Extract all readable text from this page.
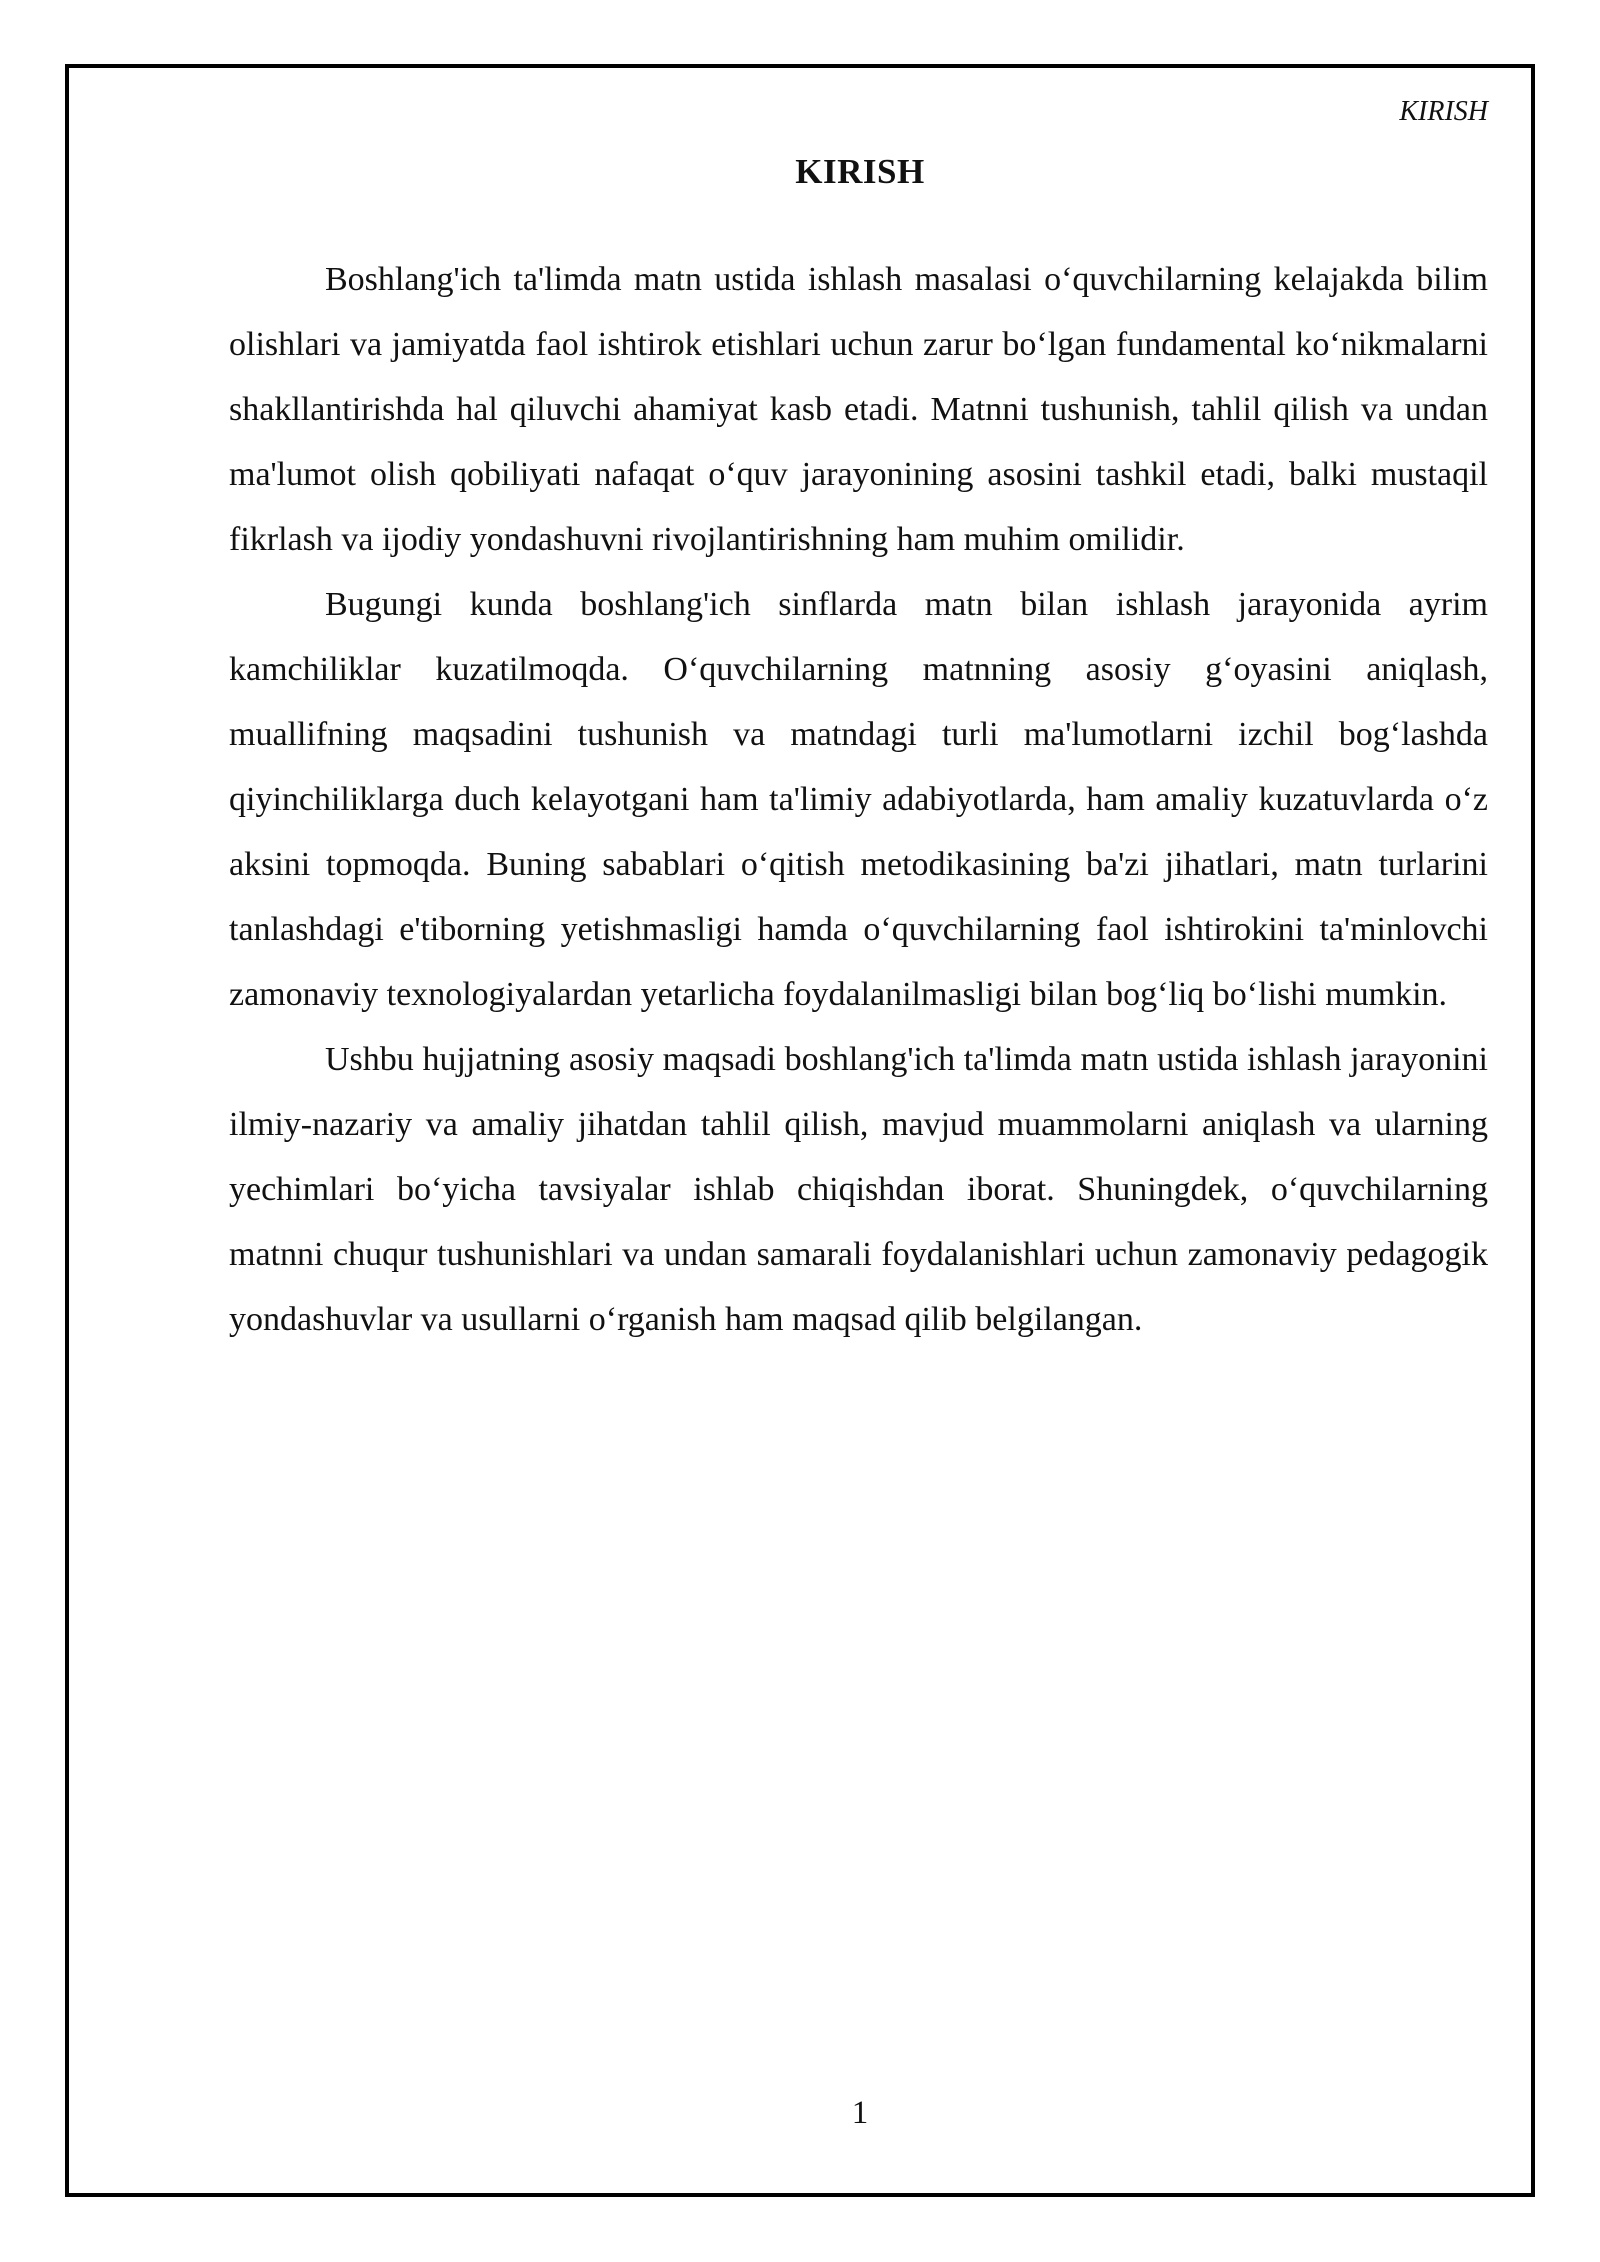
KIRISH
KIRISH

Boshlang'ich ta'limda matn ustida ishlash masalasi o‘quvchilarning kelajakda bilim olishlari va jamiyatda faol ishtirok etishlari uchun zarur bo‘lgan fundamental ko‘nikmalarni shakllantirishda hal qiluvchi ahamiyat kasb etadi. Matnni tushunish, tahlil qilish va undan ma'lumot olish qobiliyati nafaqat o‘quv jarayonining asosini tashkil etadi, balki mustaqil fikrlash va ijodiy yondashuvni rivojlantirishning ham muhim omilidir.

Bugungi kunda boshlang'ich sinflarda matn bilan ishlash jarayonida ayrim kamchiliklar kuzatilmoqda. O‘quvchilarning matnning asosiy g‘oyasini aniqlash, muallifning maqsadini tushunish va matndagi turli ma'lumotlarni izchil bog‘lashda qiyinchiliklarga duch kelayotgani ham ta'limiy adabiyotlarda, ham amaliy kuzatuvlarda o‘z aksini topmoqda. Buning sabablari o‘qitish metodikasining ba'zi jihatlari, matn turlarini tanlashdagi e'tiborning yetishmasligi hamda o‘quvchilarning faol ishtirokini ta'minlovchi zamonaviy texnologiyalardan yetarlicha foydalanilmasligi bilan bog‘liq bo‘lishi mumkin.

Ushbu hujjatning asosiy maqsadi boshlang'ich ta'limda matn ustida ishlash jarayonini ilmiy-nazariy va amaliy jihatdan tahlil qilish, mavjud muammolarni aniqlash va ularning yechimlari bo‘yicha tavsiyalar ishlab chiqishdan iborat. Shuningdek, o‘quvchilarning matnni chuqur tushunishlari va undan samarali foydalanishlari uchun zamonaviy pedagogik yondashuvlar va usullarni o‘rganish ham maqsad qilib belgilangan.

1
